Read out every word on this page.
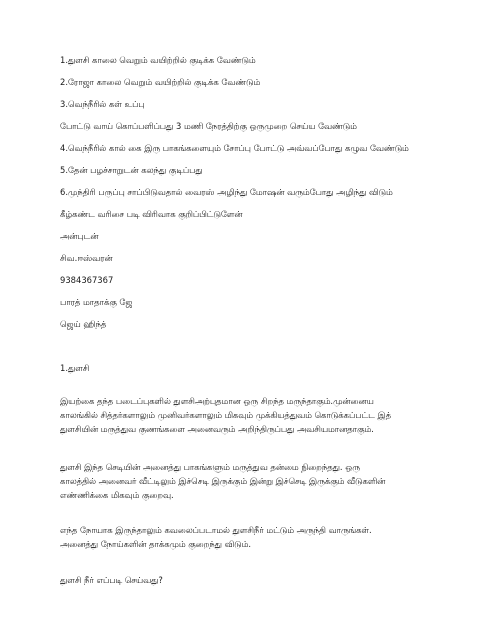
1.துளசி காலை வெறும் வயிற்றில் குடிக்க வேண்டும்

2.ரோஜா காலை வெறும் வயிற்றில் குடிக்க வேண்டும்

3.வெந்நீரில் கள் உப்பு

போட்டு வாய் கொப்பளிப்பது 3 மணி நேரத்திற்கு ஒருமுறை செய்ய வேண்டும்

4.வெந்நீரில் கால் கை இரு பாகங்களையும் சோப்பு போட்டு அவ்வப்போது கழுவ வேண்டும்

5.தேன் பழச்சாறுடன் கலந்து குடிப்பது

6.முந்திரி பருப்பு சாப்பிடுவதால் வைரஸ் அழிந்து மோஷன் வரும்போது அழிந்து விடும்

கீழ்கண்ட வரிசை படி விரிவாக குறிப்பிட்டுளேன்

அன்புடன்

சிவ.ஈஸ்வரன்

9384367367

பாரத் மாதாக்கு ஜே

ஜெய் ஹிந்த்

1.துளசி

இயற்கை தந்த படைப்புகளில் துளசிஅற்புதமான ஒரு சிறந்த மருந்தாகும்.முன்னைய
காலங்கில் சித்தர்களாலும் முனிவர்களாலும் மிகவும் முக்கியத்துவம் கொடுக்கப்பட்ட இத்
துளசியின் மருத்துவ குணங்களை அனைவரும் அறிந்திருப்பது அவசியமானதாகும்.
துளசி இந்த செடியின் அனைத்து பாகங்களும் மருத்துவ தன்மை நிறைந்தது. ஒரு
காலத்தில் அனைவர் வீட்டிலும் இச்செடி இருக்கும் இன்று இச்செடி இருக்கும் வீடுகளின்
எண்ணிக்கை மிகவும் குறைவு.
எந்த நோயாக இருந்தாலும் கவலைப்படாமல் துளசிநீர் மட்டும் அருந்தி வாருங்கள்.
அனைத்து நோய்களின் தாக்கமும் குறைந்து விடும்.

துளசி நீர் எப்படி செய்வது?
